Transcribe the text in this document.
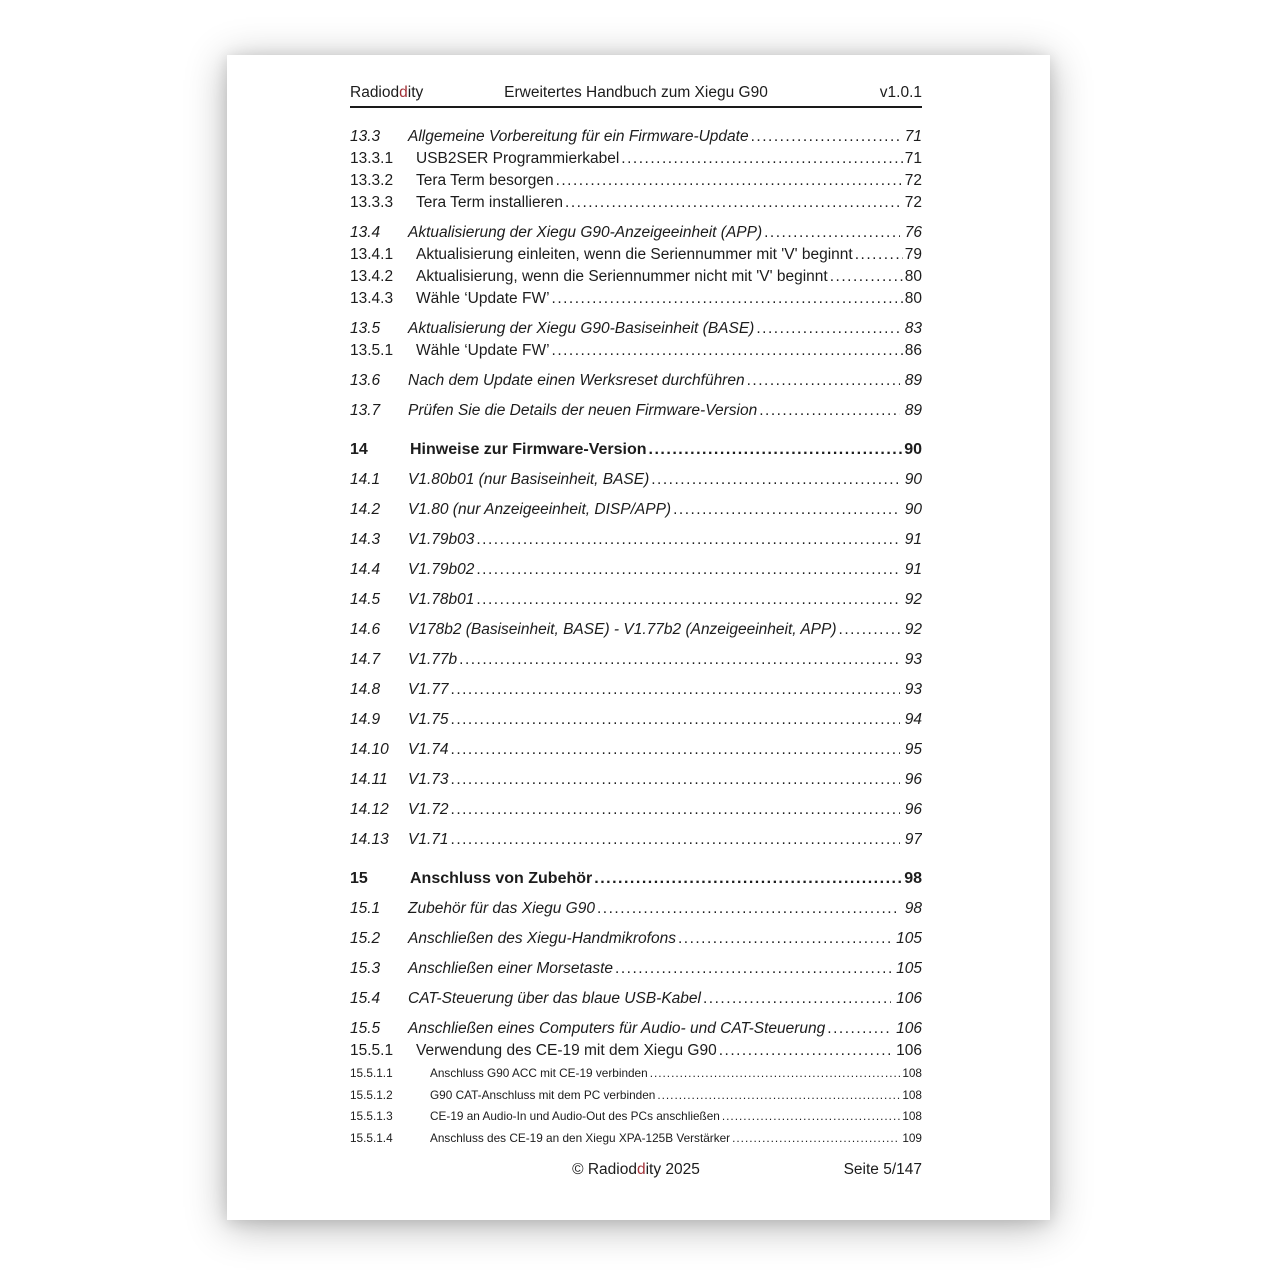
Radioddity	Erweitertes Handbuch zum Xiegu G90	v1.0.1
13.3	Allgemeine Vorbereitung für ein Firmware-Update .....	71
13.3.1	USB2SER Programmierkabel .....	71
13.3.2	Tera Term besorgen .....	72
13.3.3	Tera Term installieren .....	72
13.4	Aktualisierung der Xiegu G90-Anzeigeeinheit (APP) .....	76
13.4.1	Aktualisierung einleiten, wenn die Seriennummer mit 'V' beginnt .....	79
13.4.2	Aktualisierung, wenn die Seriennummer nicht mit 'V' beginnt .....	80
13.4.3	Wähle ‘Update FW’ .....	80
13.5	Aktualisierung der Xiegu G90-Basiseinheit (BASE) .....	83
13.5.1	Wähle ‘Update FW’ .....	86
13.6	Nach dem Update einen Werksreset durchführen .....	89
13.7	Prüfen Sie die Details der neuen Firmware-Version .....	89
14	Hinweise zur Firmware-Version .....	90
14.1	V1.80b01 (nur Basiseinheit, BASE) .....	90
14.2	V1.80 (nur Anzeigeeinheit, DISP/APP) .....	90
14.3	V1.79b03 .....	91
14.4	V1.79b02 .....	91
14.5	V1.78b01 .....	92
14.6	V178b2 (Basiseinheit, BASE) - V1.77b2 (Anzeigeeinheit, APP) .....	92
14.7	V1.77b .....	93
14.8	V1.77 .....	93
14.9	V1.75 .....	94
14.10	V1.74 .....	95
14.11	V1.73 .....	96
14.12	V1.72 .....	96
14.13	V1.71 .....	97
15	Anschluss von Zubehör .....	98
15.1	Zubehör für das Xiegu G90 .....	98
15.2	Anschließen des Xiegu-Handmikrofons .....	105
15.3	Anschließen einer Morsetaste .....	105
15.4	CAT-Steuerung über das blaue USB-Kabel .....	106
15.5	Anschließen eines Computers für Audio- und CAT-Steuerung .....	106
15.5.1	Verwendung des CE-19 mit dem Xiegu G90 .....	106
15.5.1.1	Anschluss G90 ACC mit CE-19 verbinden .....	108
15.5.1.2	G90 CAT-Anschluss mit dem PC verbinden .....	108
15.5.1.3	CE-19 an Audio-In und Audio-Out des PCs anschließen .....	108
15.5.1.4	Anschluss des CE-19 an den Xiegu XPA-125B Verstärker .....	109
© Radioddity 2025	Seite 5/147
